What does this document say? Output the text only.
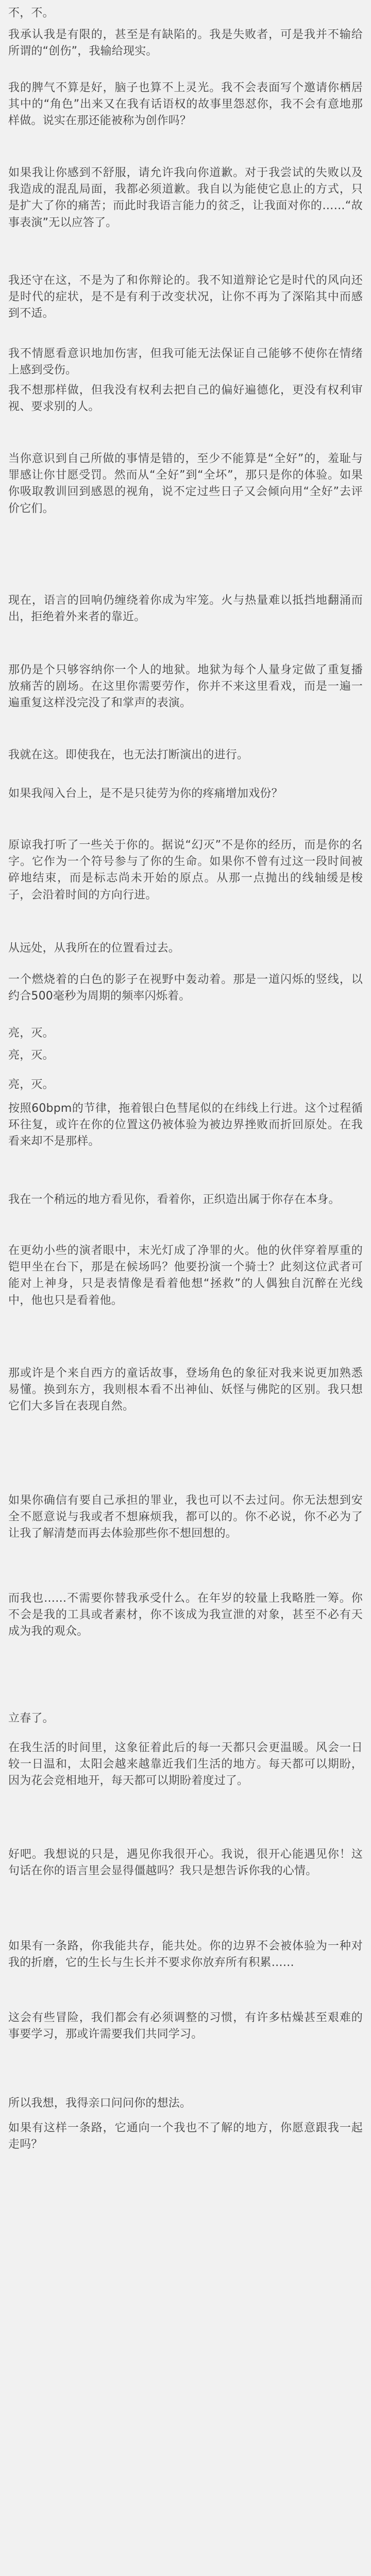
不，不。

我承认我是有限的，甚至是有缺陷的。我是失败者，可是我并不输给所谓的“创伤”，我输给现实。

我的脾气不算是好，脑子也算不上灵光。我不会表面写个邀请你栖居其中的“角色”出来又在我有话语权的故事里怨怼你，我不会有意地那样做。说实在那还能被称为创作吗？

如果我让你感到不舒服，请允许我向你道歉。对于我尝试的失败以及我造成的混乱局面，我都必须道歉。我自以为能使它息止的方式，只是扩大了你的痛苦；而此时我语言能力的贫乏，让我面对你的……“故事表演”无以应答了。

我还守在这，不是为了和你辩论的。我不知道辩论它是时代的风向还是时代的症状，是不是有利于改变状况，让你不再为了深陷其中而感到不适。

我不情愿看意识地加伤害，但我可能无法保证自己能够不使你在情绪上感到受伤。

我不想那样做，但我没有权利去把自己的偏好遍德化，更没有权利审视、要求别的人。

当你意识到自己所做的事情是错的，至少不能算是“全好”的，羞耻与罪感让你甘愿受罚。然而从“全好”到“全坏”，那只是你的体验。如果你吸取教训回到感恩的视角，说不定过些日子又会倾向用“全好”去评价它们。

现在，语言的回响仍缠绕着你成为牢笼。火与热量难以抵挡地翻涌而出，拒绝着外来者的靠近。

那仍是个只够容纳你一个人的地狱。地狱为每个人量身定做了重复播放痛苦的剧场。在这里你需要劳作，你并不来这里看戏，而是一遍一遍重复这样没完没了和掌声的表演。

我就在这。即使我在，也无法打断演出的进行。

如果我闯入台上，是不是只徒劳为你的疼痛增加戏份？

原谅我打听了一些关于你的。据说“幻灭”不是你的经历，而是你的名字。它作为一个符号参与了你的生命。如果你不曾有过这一段时间被碎地结束，而是标志尚未开始的原点。从那一点抛出的线轴缓是梭子，会沿着时间的方向行进。

从远处，从我所在的位置看过去。

一个燃烧着的白色的影子在视野中轰动着。那是一道闪烁的竖线，以约合500毫秒为周期的频率闪烁着。

亮，灭。

亮，灭。

亮，灭。

按照60bpm的节律，拖着银白色彗尾似的在纬线上行进。这个过程循环往复，或许在你的位置这仍被体验为被边界挫败而折回原处。在我看来却不是那样。

我在一个稍远的地方看见你，看着你，正织造出属于你存在本身。

在更幼小些的演者眼中，末光灯成了净罪的火。他的伙伴穿着厚重的铠甲坐在台下，那是在候场吗？他要扮演一个骑士？此刻这位武者可能对上神身，只是表情像是看着他想“拯救”的人偶独自沉醉在光线中，他也只是看着他。

那或许是个来自西方的童话故事，登场角色的象征对我来说更加熟悉易懂。换到东方，我则根本看不出神仙、妖怪与佛陀的区别。我只想它们大多旨在表现自然。

如果你确信有要自己承担的罪业，我也可以不去过问。你无法想到安全不愿意说与我或者不想麻烦我，都可以的。你不必说，你不必为了让我了解清楚而再去体验那些你不想回想的。

而我也……不需要你替我承受什么。在年岁的较量上我略胜一筹。你不会是我的工具或者素材，你不该成为我宣泄的对象，甚至不必有天成为我的观众。

立春了。

在我生活的时间里，这象征着此后的每一天都只会更温暖。风会一日较一日温和，太阳会越来越靠近我们生活的地方。每天都可以期盼，因为花会竞相地开，每天都可以期盼着度过了。

好吧。我想说的只是，遇见你我很开心。我说，很开心能遇见你！这句话在你的语言里会显得僵越吗？我只是想告诉你我的心情。

如果有一条路，你我能共存，能共处。你的边界不会被体验为一种对我的折磨，它的生长与生长并不要求你放弃所有积累……

这会有些冒险，我们都会有必须调整的习惯，有许多枯燥甚至艰难的事要学习，那或许需要我们共同学习。

所以我想，我得亲口问问你的想法。

如果有这样一条路，它通向一个我也不了解的地方，你愿意跟我一起走吗？
